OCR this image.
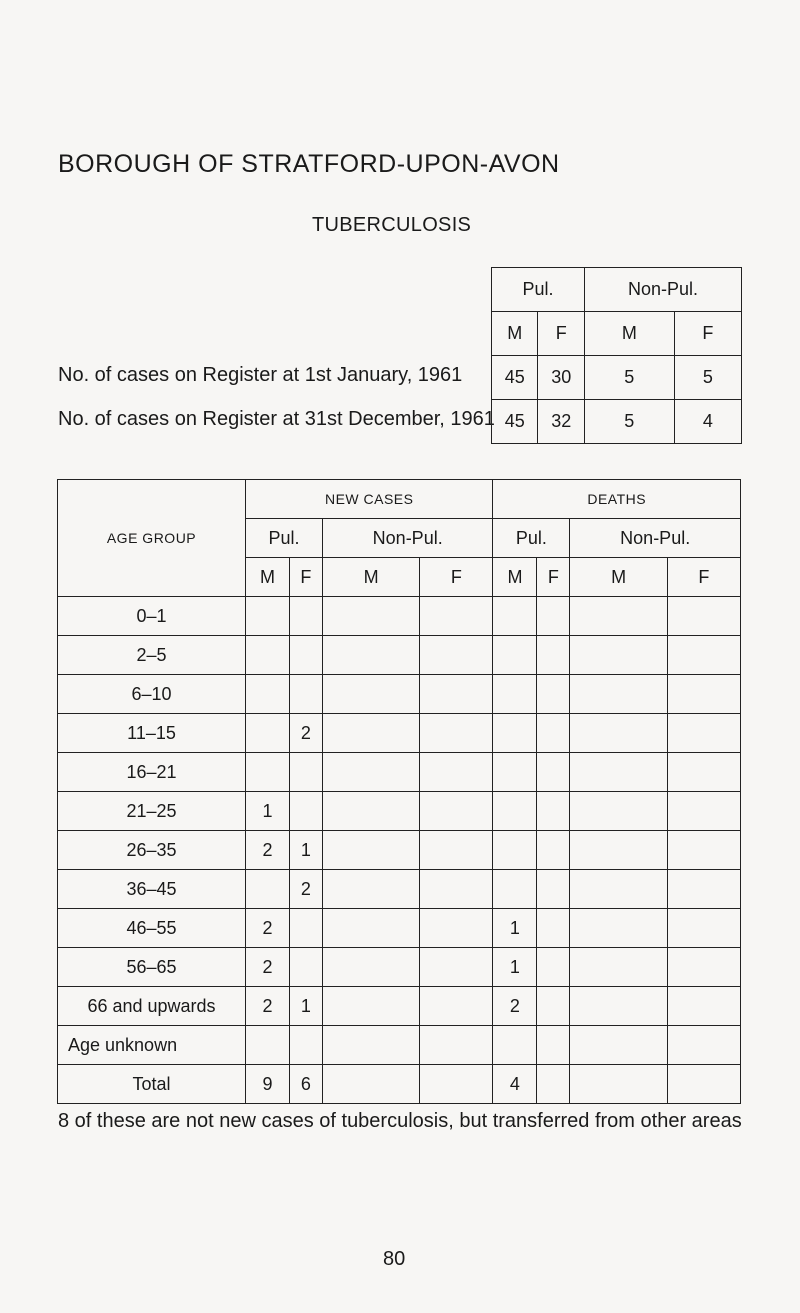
BOROUGH OF STRATFORD-UPON-AVON
TUBERCULOSIS
No. of cases on Register at 1st January, 1961
No. of cases on Register at 31st December, 1961
Pul.		Non-Pul.	
M	F	M	F
45	30	5	5
45	32	5	4
AGE GROUP	NEW CASES				DEATHS			
	Pul.		Non-Pul.		Pul.		Non-Pul.	
	M	F	M	F	M	F	M	F
0–1								
2–5								
6–10								
11–15		2						
16–21								
21–25	1							
26–35	2	1						
36–45		2						
46–55	2				1			
56–65	2				1			
66 and upwards	2	1			2			
Age unknown								
Total	9	6			4			
8 of these are not new cases of tuberculosis, but transferred from other areas
80
